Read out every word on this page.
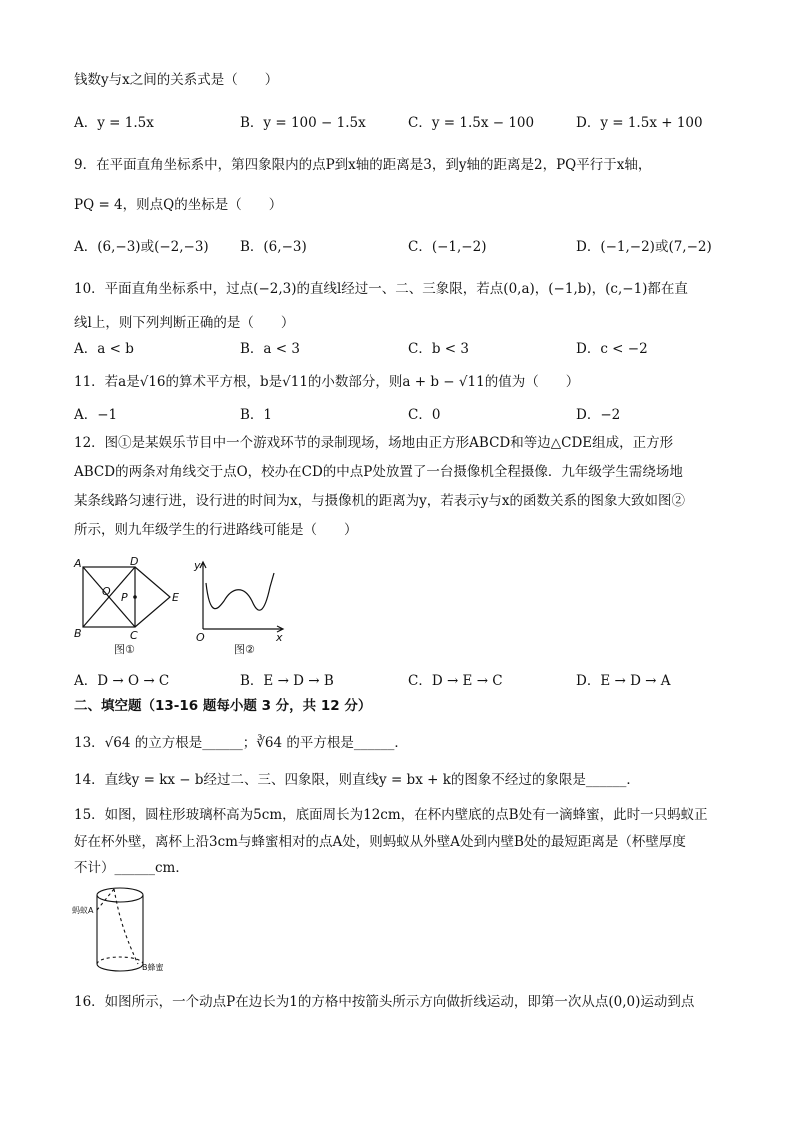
钱数y与x之间的关系式是（　　）
A．y = 1.5x	B．y = 100 − 1.5x	C．y = 1.5x − 100	D．y = 1.5x + 100
9．在平面直角坐标系中，第四象限内的点P到x轴的距离是3，到y轴的距离是2，PQ平行于x轴，
PQ = 4，则点Q的坐标是（　　）
A．(6,−3)或(−2,−3) B．(6,−3)	C．(−1,−2)	D．(−1,−2)或(7,−2)
10．平面直角坐标系中，过点(−2,3)的直线l经过一、二、三象限，若点(0,a)，(−1,b)，(c,−1)都在直
线l上，则下列判断正确的是（　　）
A．a < b	B．a < 3	C．b < 3	D．c < −2
11．若a是√16的算术平方根，b是√11的小数部分，则a + b − √11的值为（　　）
A．−1	B．1	C．0	D．−2
12．图①是某娱乐节目中一个游戏环节的录制现场，场地由正方形ABCD和等边△CDE组成，正方形
ABCD的两条对角线交于点O，校办在CD的中点P处放置了一台摄像机全程摄像．九年级学生需绕场地
某条线路匀速行进，设行进的时间为x，与摄像机的距离为y，若表示y与x的函数关系的图象大致如图②
所示，则九年级学生的行进路线可能是（　　）
A	D
B	C
E
O P
图①
y
x
O
图②
A．D → O → C	B．E → D → B	C．D → E → C	D．E → D → A
二、填空题（13-16 题每小题 3 分，共 12 分）
13．√64 的立方根是______；∛64 的平方根是______．
14．直线y = kx − b经过二、三、四象限，则直线y = bx + k的图象不经过的象限是______．
15．如图，圆柱形玻璃杯高为5cm，底面周长为12cm，在杯内壁底的点B处有一滴蜂蜜，此时一只蚂蚁正
好在杯外壁，离杯上沿3cm与蜂蜜相对的点A处，则蚂蚁从外壁A处到内壁B处的最短距离是（杯壁厚度
不计）______cm．
蚂蚁A
B蜂蜜
16．如图所示，一个动点P在边长为1的方格中按箭头所示方向做折线运动，即第一次从点(0,0)运动到点
